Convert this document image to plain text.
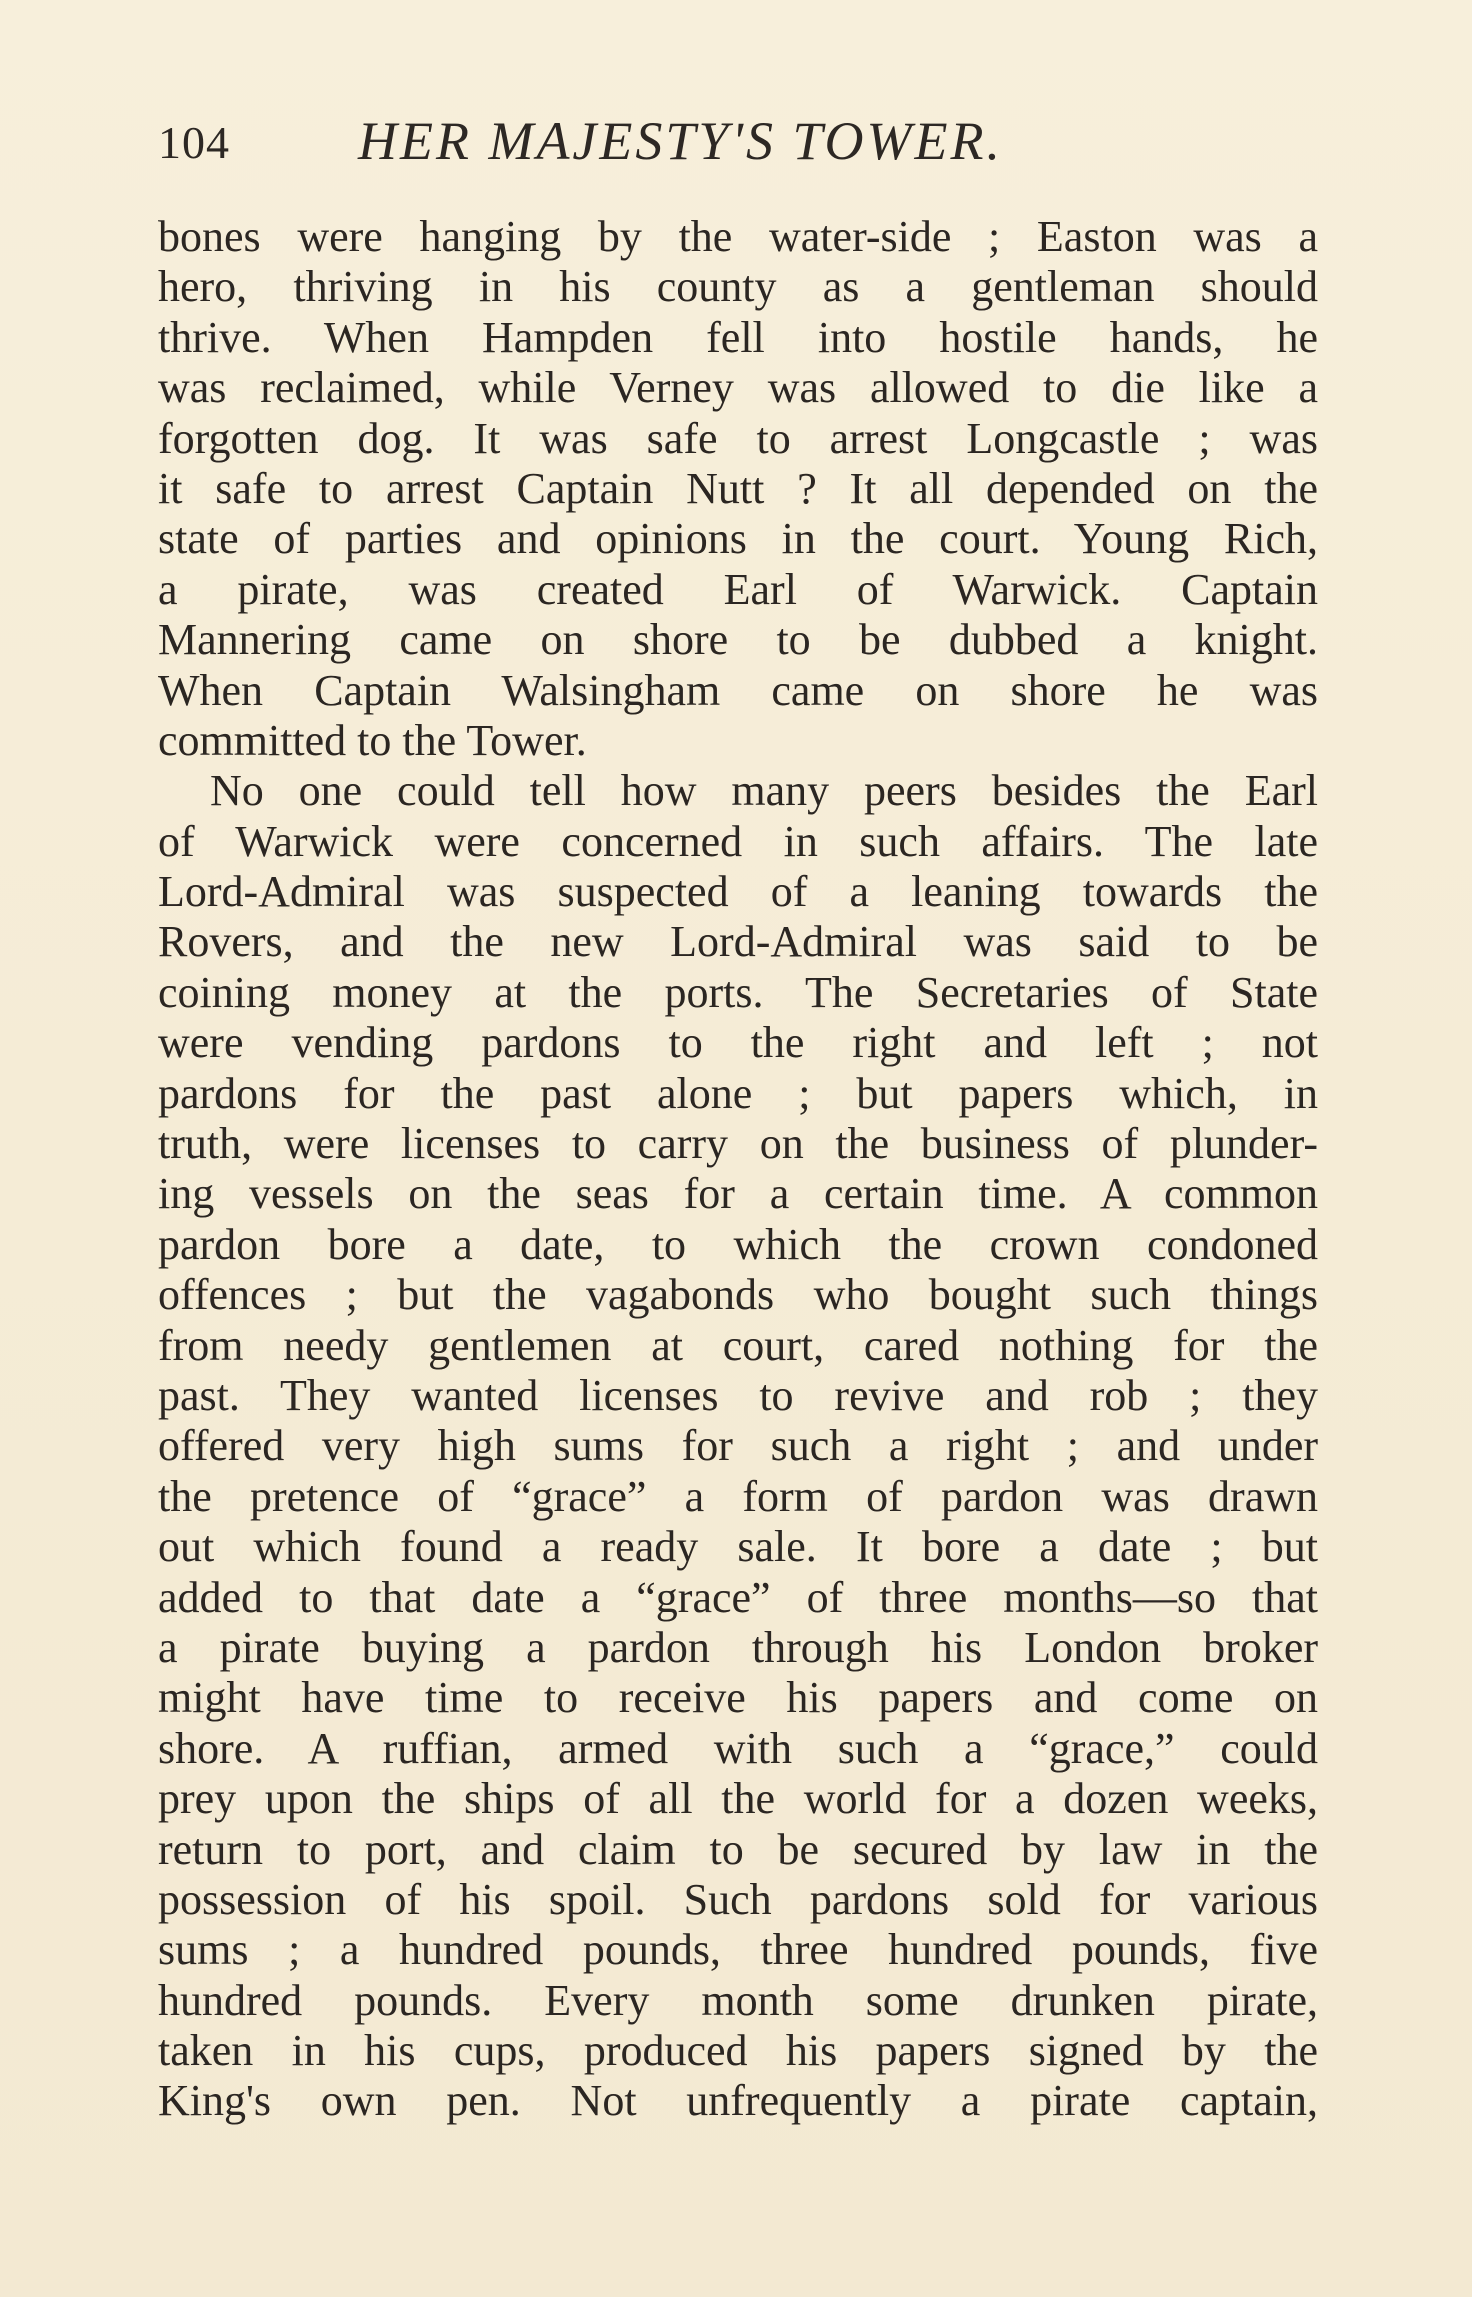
104 HER MAJESTY'S TOWER.
bones were hanging by the water-side ; Easton was a
hero, thriving in his county as a gentleman should
thrive. When Hampden fell into hostile hands, he
was reclaimed, while Verney was allowed to die like a
forgotten dog. It was safe to arrest Longcastle ; was
it safe to arrest Captain Nutt ? It all depended on the
state of parties and opinions in the court. Young Rich,
a pirate, was created Earl of Warwick. Captain
Mannering came on shore to be dubbed a knight.
When Captain Walsingham came on shore he was
committed to the Tower.
No one could tell how many peers besides the Earl
of Warwick were concerned in such affairs. The late
Lord-Admiral was suspected of a leaning towards the
Rovers, and the new Lord-Admiral was said to be
coining money at the ports. The Secretaries of State
were vending pardons to the right and left ; not
pardons for the past alone ; but papers which, in
truth, were licenses to carry on the business of plunder-
ing vessels on the seas for a certain time. A common
pardon bore a date, to which the crown condoned
offences ; but the vagabonds who bought such things
from needy gentlemen at court, cared nothing for the
past. They wanted licenses to revive and rob ; they
offered very high sums for such a right ; and under
the pretence of “grace” a form of pardon was drawn
out which found a ready sale. It bore a date ; but
added to that date a “grace” of three months—so that
a pirate buying a pardon through his London broker
might have time to receive his papers and come on
shore. A ruffian, armed with such a “grace,” could
prey upon the ships of all the world for a dozen weeks,
return to port, and claim to be secured by law in the
possession of his spoil. Such pardons sold for various
sums ; a hundred pounds, three hundred pounds, five
hundred pounds. Every month some drunken pirate,
taken in his cups, produced his papers signed by the
King's own pen. Not unfrequently a pirate captain,
